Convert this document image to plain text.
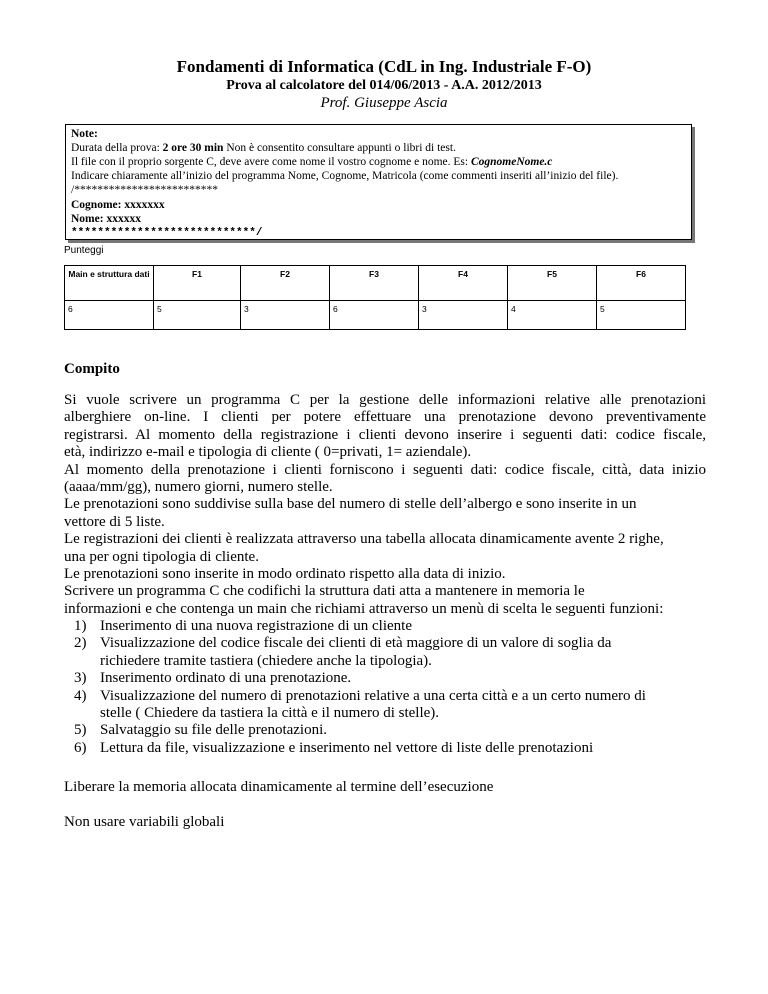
Fondamenti di Informatica (CdL in Ing. Industriale F-O)
Prova al calcolatore del 014/06/2013 - A.A. 2012/2013
Prof. Giuseppe Ascia
Note:
Durata della prova: 2 ore 30 min Non è consentito consultare appunti o libri di test.
Il file con il proprio sorgente C, deve avere come nome il vostro cognome e nome. Es: CognomeNome.c
Indicare chiaramente all’inizio del programma Nome, Cognome, Matricola (come commenti inseriti all’inizio del file).
/*************************
Cognome: xxxxxxx
Nome: xxxxxx
****************************/
Punteggi
Main e struttura dati	F1	F2	F3	F4	F5	F6
6	5	3	6	3	4	5
Compito
Si vuole scrivere un programma C per la gestione delle informazioni relative alle prenotazioni
alberghiere on-line. I clienti per potere effettuare una prenotazione devono preventivamente
registrarsi. Al momento della registrazione i clienti devono inserire i seguenti dati: codice fiscale,
età, indirizzo e-mail e tipologia di cliente ( 0=privati, 1= aziendale).
Al momento della prenotazione i clienti forniscono i seguenti dati: codice fiscale, città, data inizio
(aaaa/mm/gg), numero giorni, numero stelle.
Le prenotazioni sono suddivise sulla base del numero di stelle dell’albergo e sono inserite in un
vettore di 5 liste.
Le registrazioni dei clienti è realizzata attraverso una tabella allocata dinamicamente avente 2 righe,
una per ogni tipologia di cliente.
Le prenotazioni sono inserite in modo ordinato rispetto alla data di inizio.
Scrivere un programma C che codifichi la struttura dati atta a mantenere in memoria le
informazioni e che contenga un main che richiami attraverso un menù di scelta le seguenti funzioni:
1) Inserimento di una nuova registrazione di un cliente
2) Visualizzazione del codice fiscale dei clienti di età maggiore di un valore di soglia da
richiedere tramite tastiera (chiedere anche la tipologia).
3) Inserimento ordinato di una prenotazione.
4) Visualizzazione del numero di prenotazioni relative a una certa città e a un certo numero di
stelle ( Chiedere da tastiera la città e il numero di stelle).
5) Salvataggio su file delle prenotazioni.
6) Lettura da file, visualizzazione e inserimento nel vettore di liste delle prenotazioni
Liberare la memoria allocata dinamicamente al termine dell’esecuzione
Non usare variabili globali
